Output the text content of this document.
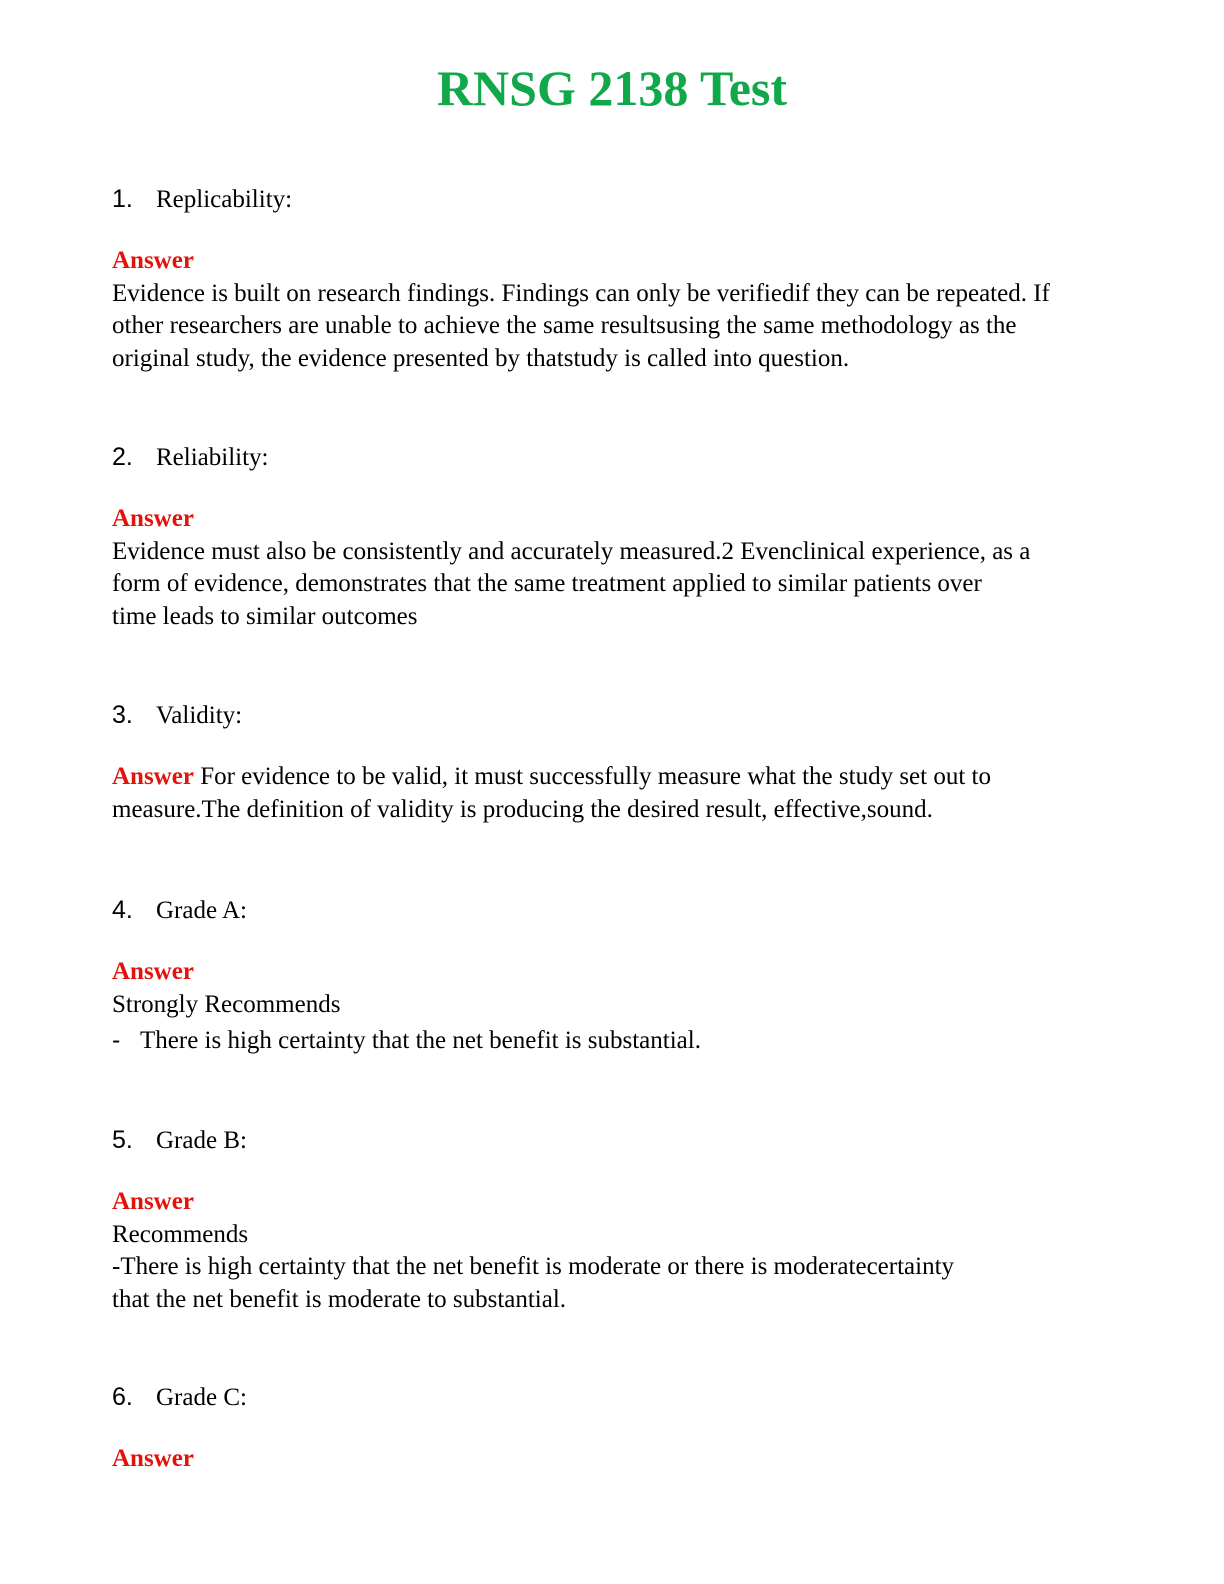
RNSG 2138 Test
1. Replicability:
Answer
Evidence is built on research findings. Findings can only be verifiedif they can be repeated. If
other researchers are unable to achieve the same resultsusing the same methodology as the
original study, the evidence presented by thatstudy is called into question.
2. Reliability:
Answer
Evidence must also be consistently and accurately measured.2 Evenclinical experience, as a
form of evidence, demonstrates that the same treatment applied to similar patients over
time leads to similar outcomes
3. Validity:
Answer For evidence to be valid, it must successfully measure what the study set out to
measure.The definition of validity is producing the desired result, effective,sound.
4. Grade A:
Answer
Strongly Recommends
- There is high certainty that the net benefit is substantial.
5. Grade B:
Answer
Recommends
-There is high certainty that the net benefit is moderate or there is moderatecertainty
that the net benefit is moderate to substantial.
6. Grade C:
Answer
